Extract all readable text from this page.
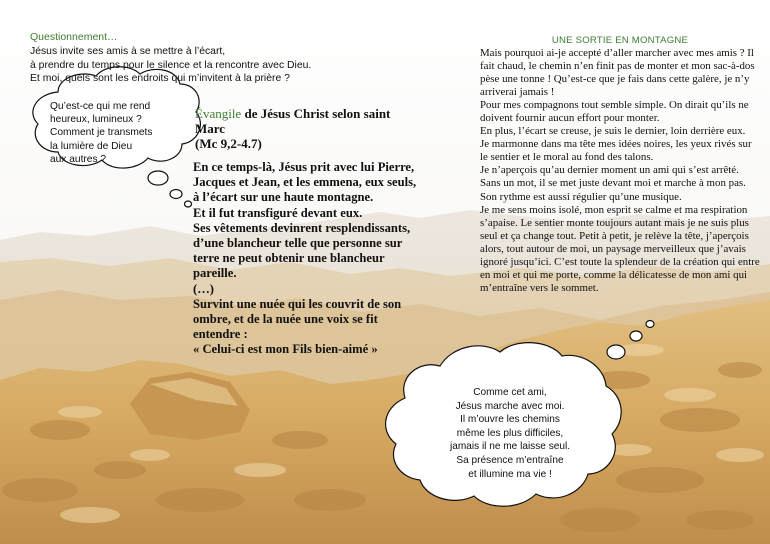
Questionnement…
Jésus invite ses amis à se mettre à l’écart,
à prendre du temps pour le silence et la rencontre avec Dieu.
Et moi, quels sont les endroits qui m’invitent à la prière ?
Qu’est-ce qui me rend
heureux, lumineux ?
Comment je transmets
la lumière de Dieu
aux autres ?
Évangile de Jésus Christ selon saint Marc
(Mc 9,2-4.7)
En ce temps-là, Jésus prit avec lui Pierre, Jacques et Jean, et les emmena, eux seuls, à l’écart sur une haute montagne.
Et il fut transfiguré devant eux.
Ses vêtements devinrent resplendissants, d’une blancheur telle que personne sur terre ne peut obtenir une blancheur pareille.
(…)
Survint une nuée qui les couvrit de son ombre, et de la nuée une voix se fit entendre :
« Celui-ci est mon Fils bien-aimé »
UNE SORTIE EN MONTAGNE
Mais pourquoi ai-je accepté d’aller marcher avec mes amis ? Il fait chaud, le chemin n’en finit pas de monter et mon sac-à-dos pèse une tonne ! Qu’est-ce que je fais dans cette galère, je n’y arriverai jamais !
Pour mes compagnons tout semble simple. On dirait qu’ils ne doivent fournir aucun effort pour monter.
En plus, l’écart se creuse, je suis le dernier, loin derrière eux.
Je marmonne dans ma tête mes idées noires, les yeux rivés sur le sentier et le moral au fond des talons.
Je n’aperçois qu’au dernier moment un ami qui s’est arrêté. Sans un mot, il se met juste devant moi et marche à mon pas. Son rythme est aussi régulier qu’une musique.
Je me sens moins isolé, mon esprit se calme et ma respiration s’apaise. Le sentier monte toujours autant mais je ne suis plus seul et ça change tout. Petit à petit, je relève la tête, j’aperçois alors, tout autour de moi, un paysage merveilleux que j’avais ignoré jusqu’ici. C’est toute la splendeur de la création qui entre en moi et qui me porte, comme la délicatesse de mon ami qui m’entraîne vers le sommet.
Comme cet ami,
Jésus marche avec moi.
Il m’ouvre les chemins
même les plus difficiles,
jamais il ne me laisse seul.
Sa présence m’entraîne
et illumine ma vie !
